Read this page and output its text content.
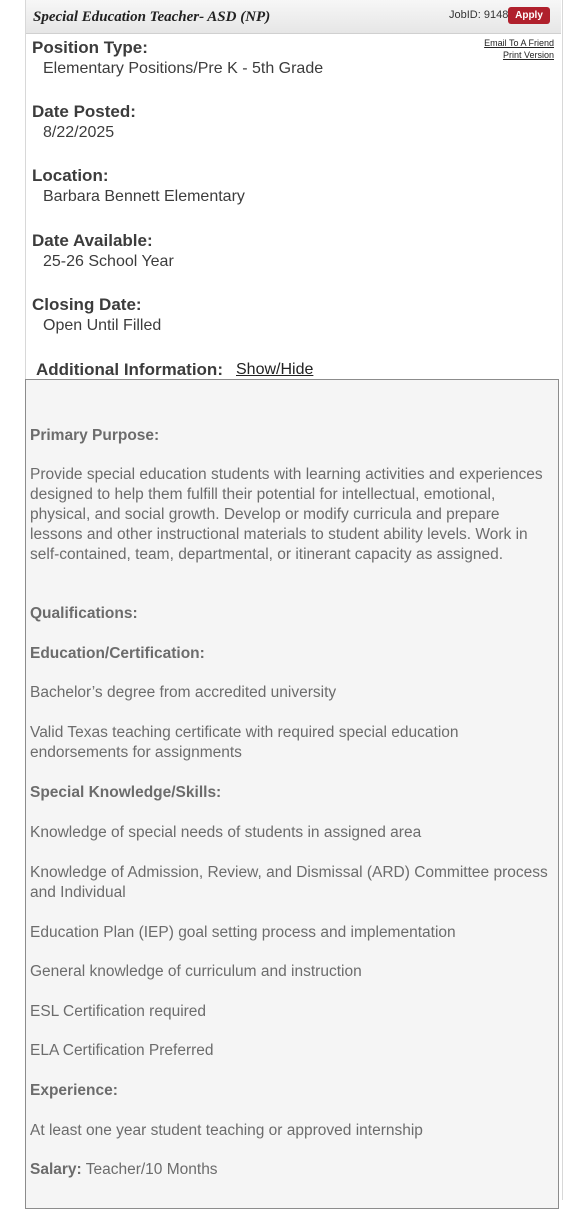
Special Education Teacher- ASD (NP)	JobID: 9148 Apply
Email To A Friend
Print Version
Position Type:
Elementary Positions/Pre K - 5th Grade
Date Posted:
8/22/2025
Location:
Barbara Bennett Elementary
Date Available:
25-26 School Year
Closing Date:
Open Until Filled
Additional Information: Show/Hide
Primary Purpose:
Provide special education students with learning activities and experiences designed to help them fulfill their potential for intellectual, emotional, physical, and social growth. Develop or modify curricula and prepare lessons and other instructional materials to student ability levels. Work in self-contained, team, departmental, or itinerant capacity as assigned.
Qualifications:
Education/Certification:
Bachelor’s degree from accredited university
Valid Texas teaching certificate with required special education endorsements for assignments
Special Knowledge/Skills:
Knowledge of special needs of students in assigned area
Knowledge of Admission, Review, and Dismissal (ARD) Committee process and Individual
Education Plan (IEP) goal setting process and implementation
General knowledge of curriculum and instruction
ESL Certification required
ELA Certification Preferred
Experience:
At least one year student teaching or approved internship
Salary: Teacher/10 Months
